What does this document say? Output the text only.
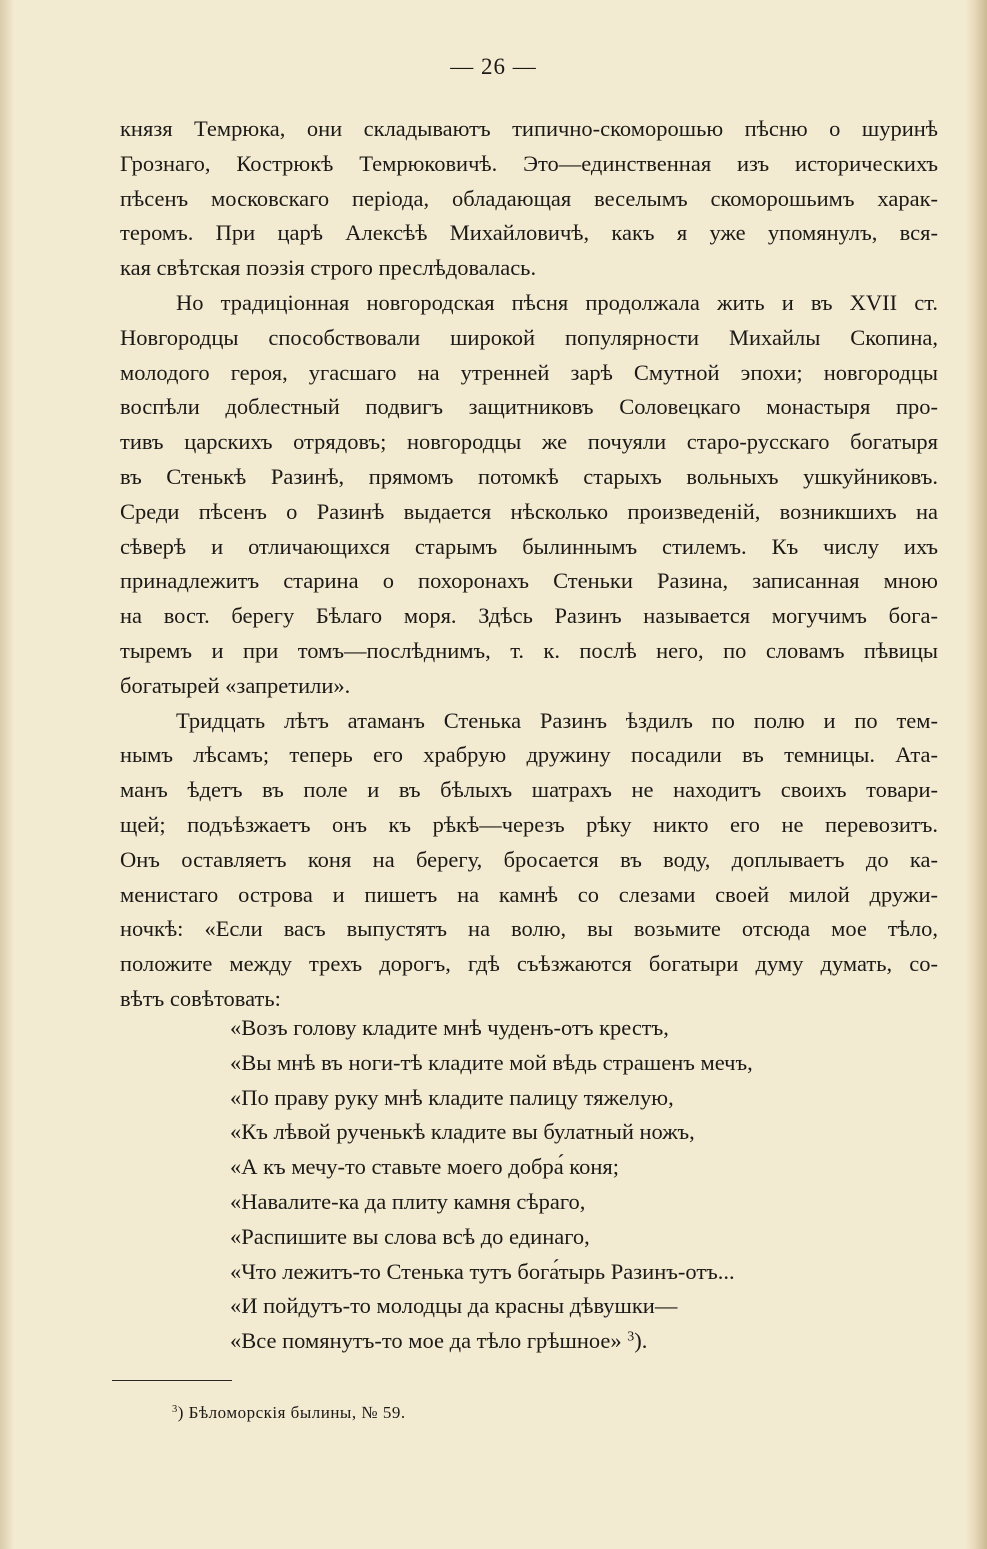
— 26 —

князя Темрюка, они складываютъ типично-скоморошью пѣсню о шуринѣ
Грознаго, Кострюкѣ Темрюковичѣ. Это—единственная изъ историческихъ
пѣсенъ московскаго періода, обладающая веселымъ скоморошьимъ харак-
теромъ. При царѣ Алексѣѣ Михайловичѣ, какъ я уже упомянулъ, вся-
кая свѣтская поэзія строго преслѣдовалась.

Но традиціонная новгородская пѣсня продолжала жить и въ XVII ст.
Новгородцы способствовали широкой популярности Михайлы Скопина,
молодого героя, угасшаго на утренней зарѣ Смутной эпохи; новгородцы
воспѣли доблестный подвигъ защитниковъ Соловецкаго монастыря про-
тивъ царскихъ отрядовъ; новгородцы же почуяли старо-русскаго богатыря
въ Стенькѣ Разинѣ, прямомъ потомкѣ старыхъ вольныхъ ушкуйниковъ.
Среди пѣсенъ о Разинѣ выдается нѣсколько произведеній, возникшихъ на
сѣверѣ и отличающихся старымъ былиннымъ стилемъ. Къ числу ихъ
принадлежитъ старина о похоронахъ Стеньки Разина, записанная мною
на вост. берегу Бѣлаго моря. Здѣсь Разинъ называется могучимъ бога-
тыремъ и при томъ—послѣднимъ, т. к. послѣ него, по словамъ пѣвицы
богатырей «запретили».

Тридцать лѣтъ атаманъ Стенька Разинъ ѣздилъ по полю и по тем-
нымъ лѣсамъ; теперь его храбрую дружину посадили въ темницы. Ата-
манъ ѣдетъ въ поле и въ бѣлыхъ шатрахъ не находитъ своихъ товари-
щей; подъѣзжаетъ онъ къ рѣкѣ—черезъ рѣку никто его не перевозитъ.
Онъ оставляетъ коня на берегу, бросается въ воду, доплываетъ до ка-
менистаго острова и пишетъ на камнѣ со слезами своей милой дружи-
ночкѣ: «Если васъ выпустятъ на волю, вы возьмите отсюда мое тѣло,
положите между трехъ дорогъ, гдѣ съѣзжаются богатыри думу думать, со-
вѣтъ совѣтовать:

«Возъ голову кладите мнѣ чуденъ-отъ крестъ,
«Вы мнѣ въ ноги-тѣ кладите мой вѣдь страшенъ мечъ,
«По праву руку мнѣ кладите палицу тяжелую,
«Къ лѣвой рученькѣ кладите вы булатный ножъ,
«А къ мечу-то ставьте моего добра́ коня;
«Навалите-ка да плиту камня сѣраго,
«Распишите вы слова всѣ до единаго,
«Что лежитъ-то Стенька тутъ бога́тырь Разинъ-отъ...
«И пойдутъ-то молодцы да красны дѣвушки—
«Все помянутъ-то мое да тѣло грѣшное» $^3$).
$^3$) Бѣломорскія былины, № 59.
